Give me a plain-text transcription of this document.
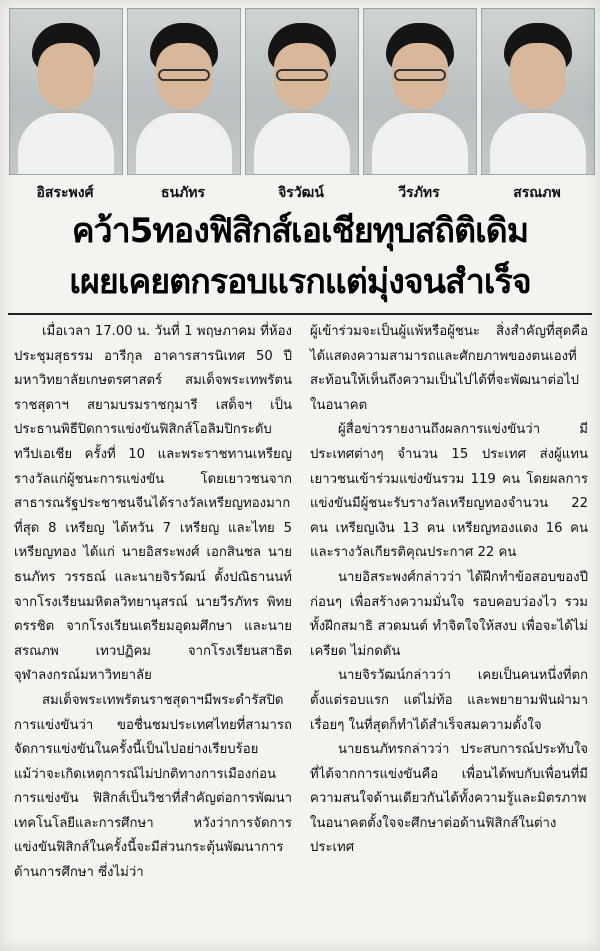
อิสระพงศ์	ธนภัทร	จิรวัฒน์	วีรภัทร	สรณภพ
คว้า5ทองฟิสิกส์เอเชียทุบสถิติเดิม
เผยเคยตกรอบแรกแต่มุ่งจนสำเร็จ

เมื่อเวลา 17.00 น. วันที่ 1 พฤษภาคม ที่ห้องประชุมสุธรรม อารีกุล อาคารสารนิเทศ 50 ปี มหาวิทยาลัยเกษตรศาสตร์ สมเด็จพระเทพรัตนราชสุดาฯ สยามบรมราชกุมารี เสด็จฯ เป็นประธานพิธีปิดการแข่งขันฟิสิกส์โอลิมปิกระดับทวีปเอเชีย ครั้งที่ 10 และพระราชทานเหรียญรางวัลแก่ผู้ชนะการแข่งขัน โดยเยาวชนจากสาธารณรัฐประชาชนจีนได้รางวัลเหรียญทองมากที่สุด 8 เหรียญ ไต้หวัน 7 เหรียญ และไทย 5 เหรียญทอง ได้แก่ นายอิสระพงศ์ เอกสินชล นายธนภัทร วรรธณ์ และนายจิรวัฒน์ ตั้งปณิธานนท์ จากโรงเรียนมหิดลวิทยานุสรณ์ นายวีรภัทร พิทยตรรชิต จากโรงเรียนเตรียมอุดมศึกษา และนายสรณภพ เทวปฏิคม จากโรงเรียนสาธิตจุฬาลงกรณ์มหาวิทยาลัย

สมเด็จพระเทพรัตนราชสุดาฯมีพระดำรัสปิดการแข่งขันว่า ขอชื่นชมประเทศไทยที่สามารถจัดการแข่งขันในครั้งนี้เป็นไปอย่างเรียบร้อย แม้ว่าจะเกิดเหตุการณ์ไม่ปกติทางการเมืองก่อนการแข่งขัน ฟิสิกส์เป็นวิชาที่สำคัญต่อการพัฒนาเทคโนโลยีและการศึกษา หวังว่าการจัดการแข่งขันฟิสิกส์ในครั้งนี้จะมีส่วนกระตุ้นพัฒนาการด้านการศึกษา ซึ่งไม่ว่า

ผู้เข้าร่วมจะเป็นผู้แพ้หรือผู้ชนะ สิ่งสำคัญที่สุดคือได้แสดงความสามารถและศักยภาพของตนเองที่สะท้อนให้เห็นถึงความเป็นไปได้ที่จะพัฒนาต่อไปในอนาคต

ผู้สื่อข่าวรายงานถึงผลการแข่งขันว่า มีประเทศต่างๆ จำนวน 15 ประเทศ ส่งผู้แทนเยาวชนเข้าร่วมแข่งขันรวม 119 คน โดยผลการแข่งขันมีผู้ชนะรับรางวัลเหรียญทองจำนวน 22 คน เหรียญเงิน 13 คน เหรียญทองแดง 16 คน และรางวัลเกียรติคุณประกาศ 22 คน

นายอิสระพงศ์กล่าวว่า ได้ฝึกทำข้อสอบของปีก่อนๆ เพื่อสร้างความมั่นใจ รอบคอบว่องไว รวมทั้งฝึกสมาธิ สวดมนต์ ทำจิตใจให้สงบ เพื่อจะได้ไม่เครียด ไม่กดดัน

นายจิรวัฒน์กล่าวว่า เคยเป็นคนหนึ่งที่ตกตั้งแต่รอบแรก แต่ไม่ท้อ และพยายามฟันฝ่ามาเรื่อยๆ ในที่สุดก็ทำได้สำเร็จสมความตั้งใจ

นายธนภัทรกล่าวว่า ประสบการณ์ประทับใจที่ได้จากการแข่งขันคือ เพื่อนได้พบกับเพื่อนที่มีความสนใจด้านเดียวกันได้ทั้งความรู้และมิตรภาพ ในอนาคตตั้งใจจะศึกษาต่อด้านฟิสิกส์ในต่างประเทศ
